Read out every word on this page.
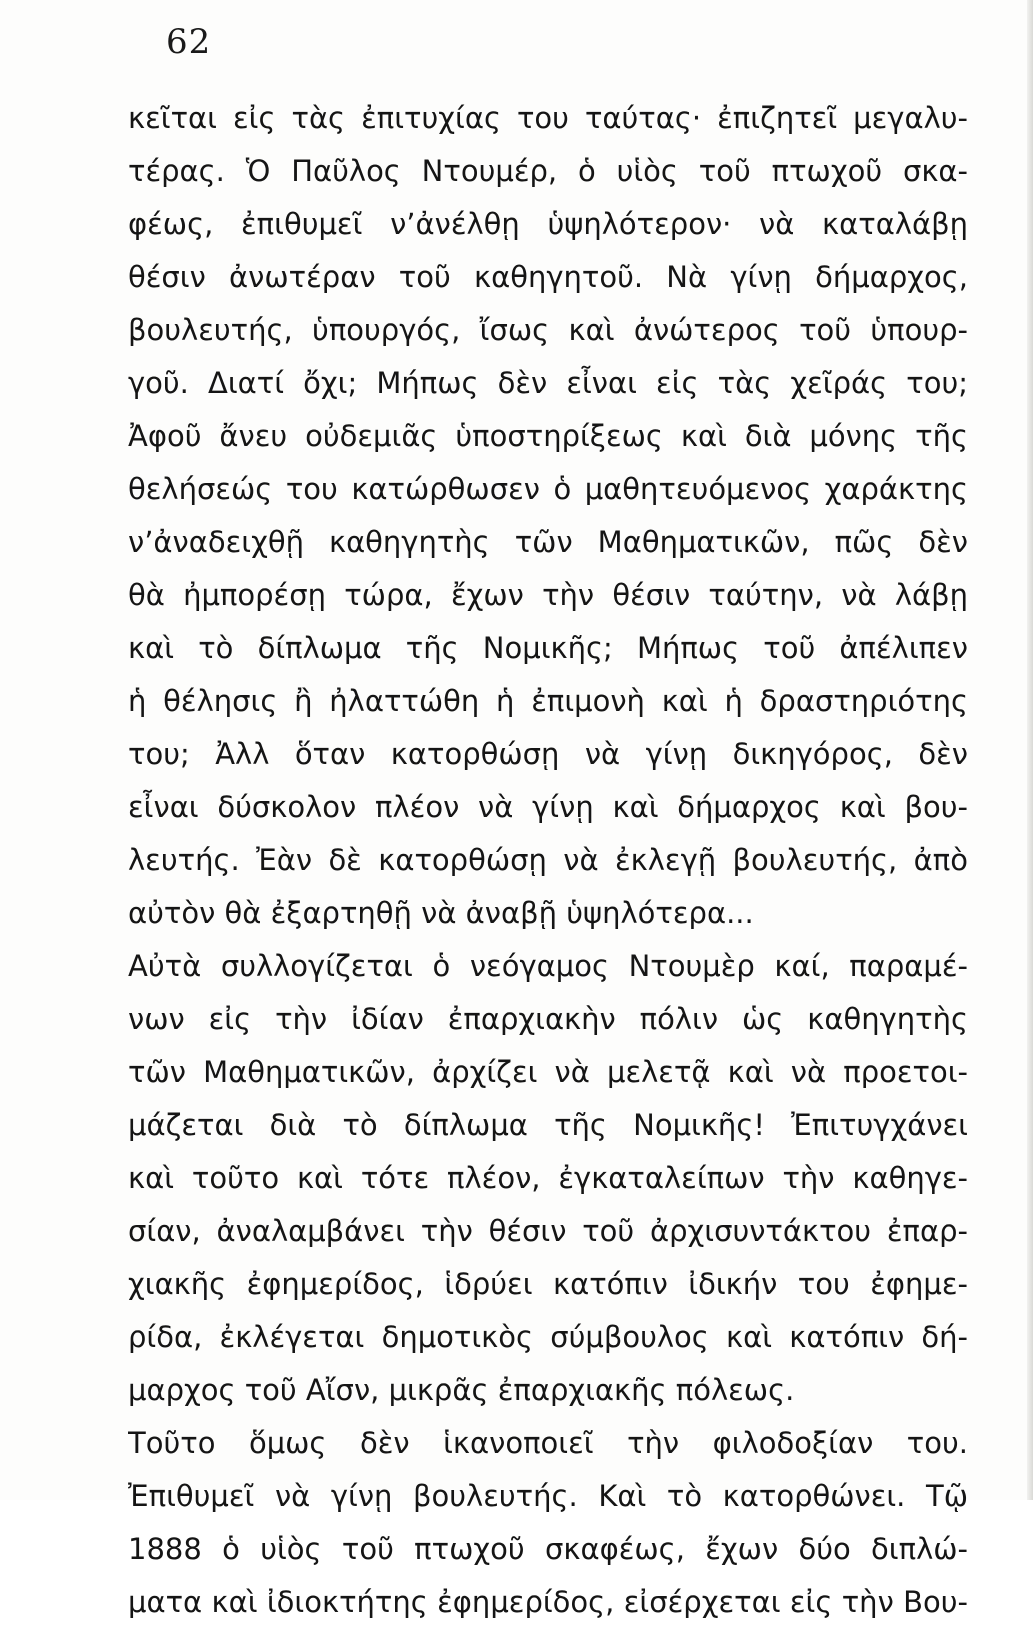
62
κεῖται εἰς τὰς ἐπιτυχίας του ταύτας· ἐπιζητεῖ μεγαλυ-
τέρας. Ὁ Παῦλος Ντουμέρ, ὁ υἱὸς τοῦ πτωχοῦ σκα-
φέως, ἐπιθυμεῖ ν’ἀνέλθῃ ὑψηλότερον· νὰ καταλάβῃ
θέσιν ἀνωτέραν τοῦ καθηγητοῦ. Νὰ γίνῃ δήμαρχος,
βουλευτής, ὑπουργός, ἴσως καὶ ἀνώτερος τοῦ ὑπουρ-
γοῦ. Διατί ὄχι; Μήπως δὲν εἶναι εἰς τὰς χεῖράς του;
Ἀφοῦ ἄνευ οὐδεμιᾶς ὑποστηρίξεως καὶ διὰ μόνης τῆς
θελήσεώς του κατώρθωσεν ὁ μαθητευόμενος χαράκτης
ν’ἀναδειχθῇ καθηγητὴς τῶν Μαθηματικῶν, πῶς δὲν
θὰ ἠμπορέσῃ τώρα, ἔχων τὴν θέσιν ταύτην, νὰ λάβῃ
καὶ τὸ δίπλωμα τῆς Νομικῆς; Μήπως τοῦ ἀπέλιπεν
ἡ θέλησις ἢ ἠλαττώθη ἡ ἐπιμονὴ καὶ ἡ δραστηριότης
του; Ἀλλ ὅταν κατορθώσῃ νὰ γίνῃ δικηγόρος, δὲν
εἶναι δύσκολον πλέον νὰ γίνῃ καὶ δήμαρχος καὶ βου-
λευτής. Ἐὰν δὲ κατορθώσῃ νὰ ἐκλεγῇ βουλευτής, ἀπὸ
αὐτὸν θὰ ἐξαρτηθῇ νὰ ἀναβῇ ὑψηλότερα...
Αὐτὰ συλλογίζεται ὁ νεόγαμος Ντουμὲρ καί, παραμέ-
νων εἰς τὴν ἰδίαν ἐπαρχιακὴν πόλιν ὡς καθηγητὴς
τῶν Μαθηματικῶν, ἀρχίζει νὰ μελετᾷ καὶ νὰ προετοι-
μάζεται διὰ τὸ δίπλωμα τῆς Νομικῆς! Ἐπιτυγχάνει
καὶ τοῦτο καὶ τότε πλέον, ἐγκαταλείπων τὴν καθηγε-
σίαν, ἀναλαμβάνει τὴν θέσιν τοῦ ἀρχισυντάκτου ἐπαρ-
χιακῆς ἐφημερίδος, ἱδρύει κατόπιν ἰδικήν του ἐφημε-
ρίδα, ἐκλέγεται δημοτικὸς σύμβουλος καὶ κατόπιν δή-
μαρχος τοῦ Αἴσν, μικρᾶς ἐπαρχιακῆς πόλεως.
Τοῦτο ὅμως δὲν ἱκανοποιεῖ τὴν φιλοδοξίαν του.
Ἐπιθυμεῖ νὰ γίνῃ βουλευτής. Καὶ τὸ κατορθώνει. Τῷ
1888 ὁ υἱὸς τοῦ πτωχοῦ σκαφέως, ἔχων δύο διπλώ-
ματα καὶ ἰδιοκτήτης ἐφημερίδος, εἰσέρχεται εἰς τὴν Βου-
